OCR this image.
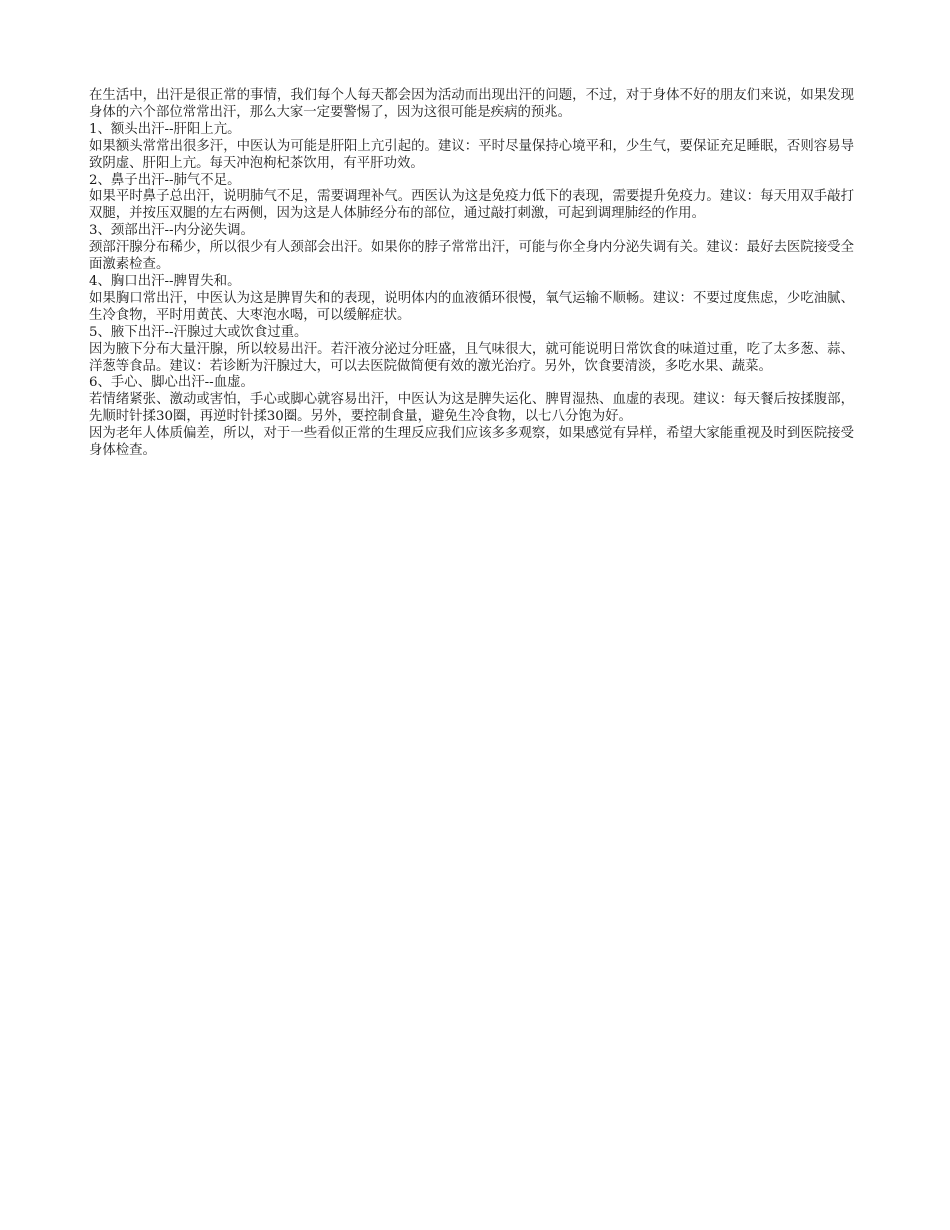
在生活中，出汗是很正常的事情，我们每个人每天都会因为活动而出现出汗的问题，不过，对于身体不好的朋友们来说，如果发现身体的六个部位常常出汗，那么大家一定要警惕了，因为这很可能是疾病的预兆。

1、额头出汗--肝阳上亢。

如果额头常常出很多汗，中医认为可能是肝阳上亢引起的。建议：平时尽量保持心境平和，少生气，要保证充足睡眠，否则容易导致阴虚、肝阳上亢。每天冲泡枸杞茶饮用，有平肝功效。

2、鼻子出汗--肺气不足。

如果平时鼻子总出汗，说明肺气不足，需要调理补气。西医认为这是免疫力低下的表现，需要提升免疫力。建议：每天用双手敲打双腿，并按压双腿的左右两侧，因为这是人体肺经分布的部位，通过敲打刺激，可起到调理肺经的作用。

3、颈部出汗--内分泌失调。

颈部汗腺分布稀少，所以很少有人颈部会出汗。如果你的脖子常常出汗，可能与你全身内分泌失调有关。建议：最好去医院接受全面激素检查。

4、胸口出汗--脾胃失和。

如果胸口常出汗，中医认为这是脾胃失和的表现，说明体内的血液循环很慢，氧气运输不顺畅。建议：不要过度焦虑，少吃油腻、生冷食物，平时用黄芪、大枣泡水喝，可以缓解症状。

5、腋下出汗--汗腺过大或饮食过重。

因为腋下分布大量汗腺，所以较易出汗。若汗液分泌过分旺盛，且气味很大，就可能说明日常饮食的味道过重，吃了太多葱、蒜、洋葱等食品。建议：若诊断为汗腺过大，可以去医院做简便有效的激光治疗。另外，饮食要清淡，多吃水果、蔬菜。

6、手心、脚心出汗--血虚。

若情绪紧张、激动或害怕，手心或脚心就容易出汗，中医认为这是脾失运化、脾胃湿热、血虚的表现。建议：每天餐后按揉腹部，先顺时针揉30圈，再逆时针揉30圈。另外，要控制食量，避免生冷食物，以七八分饱为好。

因为老年人体质偏差，所以，对于一些看似正常的生理反应我们应该多多观察，如果感觉有异样，希望大家能重视及时到医院接受身体检查。
